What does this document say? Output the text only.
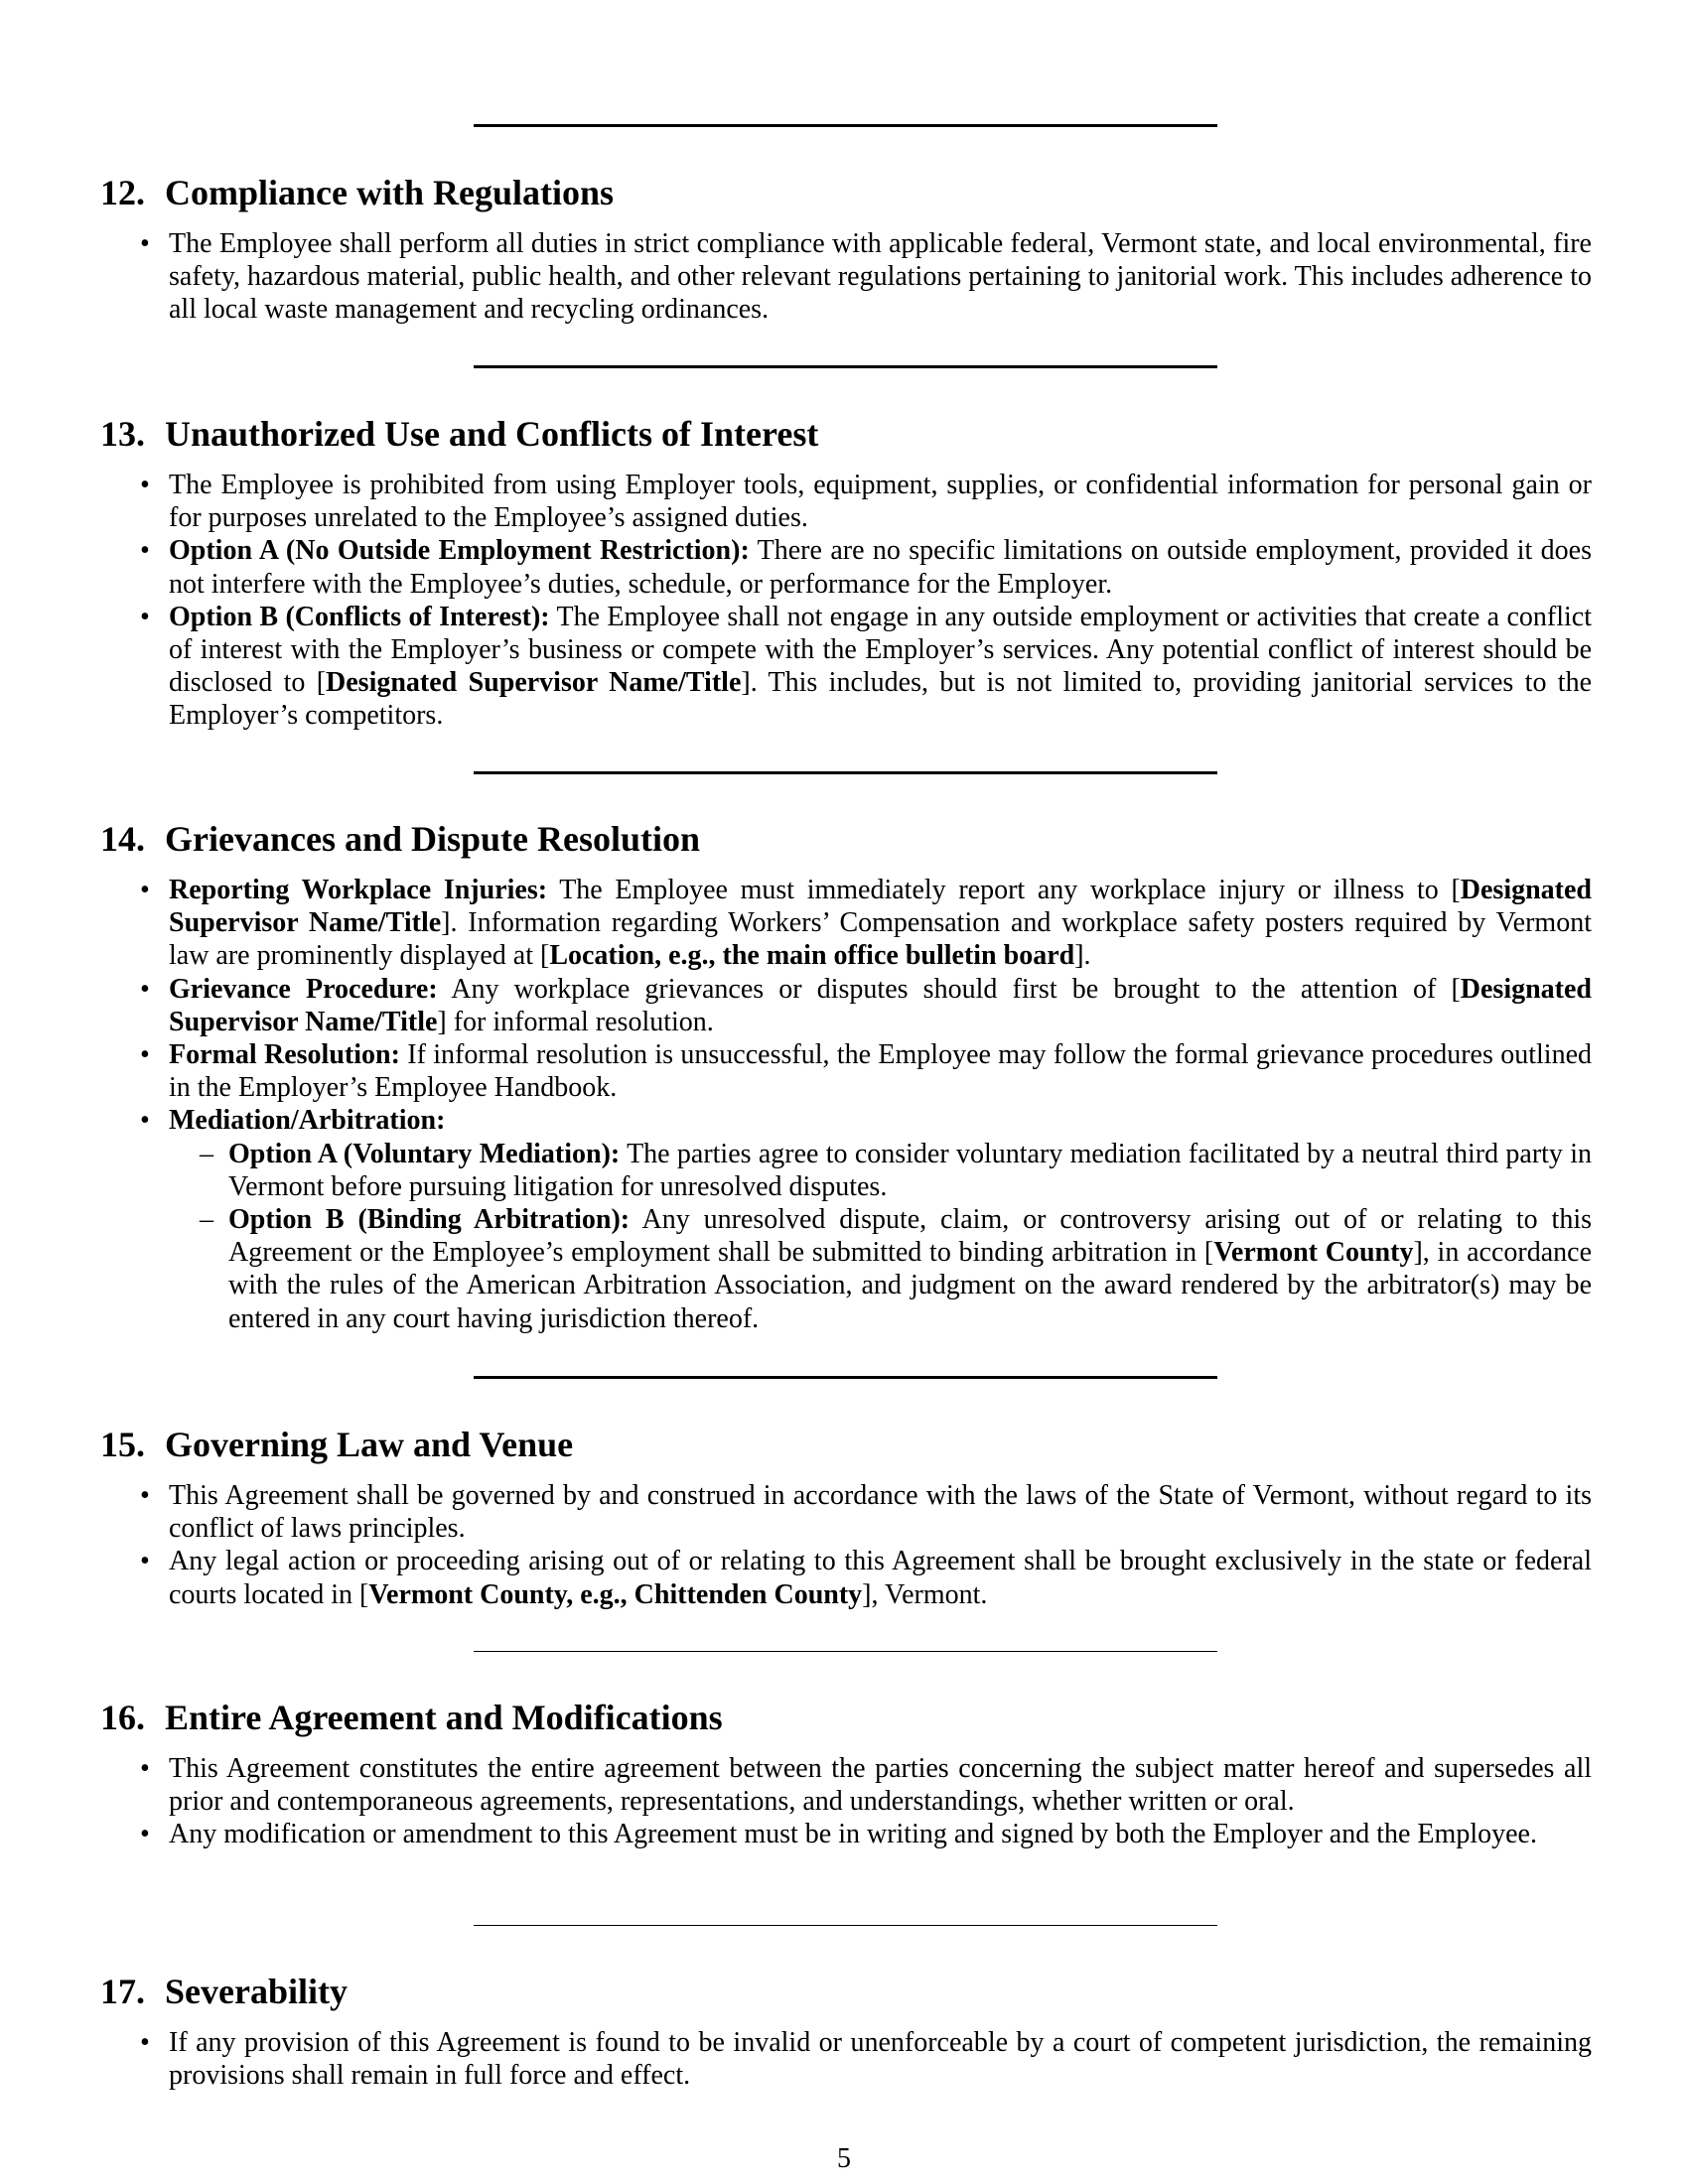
12. Compliance with Regulations
• The Employee shall perform all duties in strict compliance with applicable federal, Vermont state, and local environmental, fire safety, hazardous material, public health, and other relevant regulations pertaining to janitorial work. This includes adherence to all local waste management and recycling ordinances.
13. Unauthorized Use and Conflicts of Interest
• The Employee is prohibited from using Employer tools, equipment, supplies, or confidential information for personal gain or for purposes unrelated to the Employee’s assigned duties.
• Option A (No Outside Employment Restriction): There are no specific limitations on outside employment, provided it does not interfere with the Employee’s duties, schedule, or performance for the Employer.
• Option B (Conflicts of Interest): The Employee shall not engage in any outside employment or activities that create a conflict of interest with the Employer’s business or compete with the Employer’s services. Any potential conflict of interest should be disclosed to [Designated Supervisor Name/Title]. This includes, but is not limited to, providing janitorial services to the Employer’s competitors.
14. Grievances and Dispute Resolution
• Reporting Workplace Injuries: The Employee must immediately report any workplace injury or illness to [Designated Supervisor Name/Title]. Information regarding Workers’ Compensation and workplace safety posters required by Vermont law are prominently displayed at [Location, e.g., the main office bulletin board].
• Grievance Procedure: Any workplace grievances or disputes should first be brought to the attention of [Designated Supervisor Name/Title] for informal resolution.
• Formal Resolution: If informal resolution is unsuccessful, the Employee may follow the formal grievance procedures outlined in the Employer’s Employee Handbook.
• Mediation/Arbitration:
– Option A (Voluntary Mediation): The parties agree to consider voluntary mediation facilitated by a neutral third party in Vermont before pursuing litigation for unresolved disputes.
– Option B (Binding Arbitration): Any unresolved dispute, claim, or controversy arising out of or relating to this Agreement or the Employee’s employment shall be submitted to binding arbitration in [Vermont County], in accordance with the rules of the American Arbitration Association, and judgment on the award rendered by the arbitrator(s) may be entered in any court having jurisdiction thereof.
15. Governing Law and Venue
• This Agreement shall be governed by and construed in accordance with the laws of the State of Vermont, without regard to its conflict of laws principles.
• Any legal action or proceeding arising out of or relating to this Agreement shall be brought exclusively in the state or federal courts located in [Vermont County, e.g., Chittenden County], Vermont.
16. Entire Agreement and Modifications
• This Agreement constitutes the entire agreement between the parties concerning the subject matter hereof and supersedes all prior and contemporaneous agreements, representations, and understandings, whether written or oral.
• Any modification or amendment to this Agreement must be in writing and signed by both the Employer and the Employee.
17. Severability
• If any provision of this Agreement is found to be invalid or unenforceable by a court of competent jurisdiction, the remaining provisions shall remain in full force and effect.
5
